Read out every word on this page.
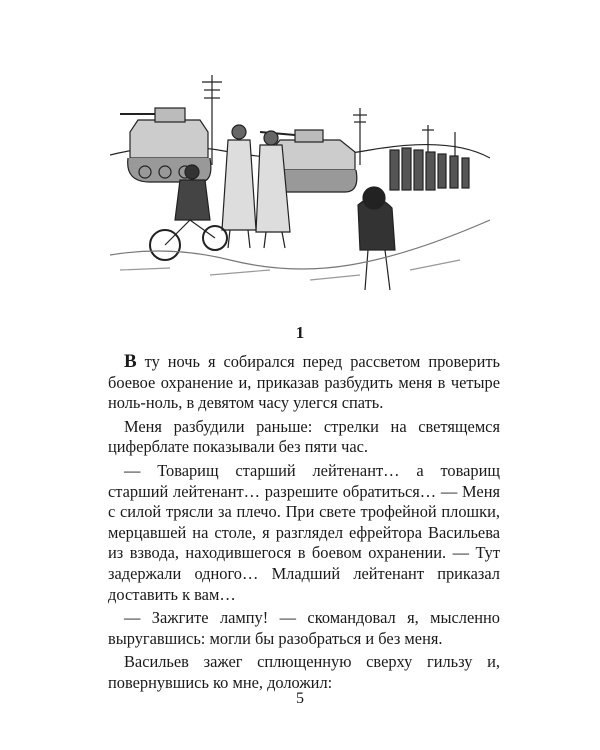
1

В ту ночь я собирался перед рассветом проверить боевое охранение и, приказав разбудить меня в четыре ноль-ноль, в девятом часу улегся спать.

Меня разбудили раньше: стрелки на светящемся циферблате показывали без пяти час.

— Товарищ старший лейтенант… а товарищ старший лейтенант… разрешите обратиться… — Меня с силой трясли за плечо. При свете трофейной плошки, мерцавшей на столе, я разглядел ефрейтора Васильева из взвода, находившегося в боевом охранении. — Тут задержали одного… Младший лейтенант приказал доставить к вам…

— Зажгите лампу! — скомандовал я, мысленно выругавшись: могли бы разобраться и без меня.

Васильев зажег сплющенную сверху гильзу и, повернувшись ко мне, доложил:

5
